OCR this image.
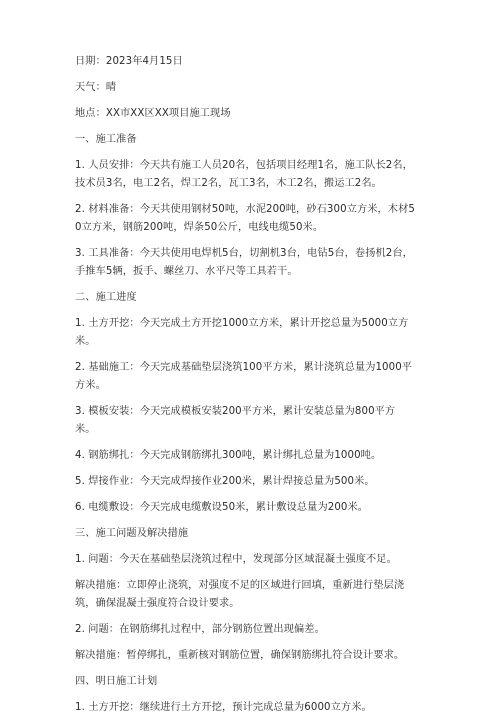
日期：2023年4月15日

天气：晴

地点：XX市XX区XX项目施工现场

一、施工准备

1. 人员安排：今天共有施工人员20名，包括项目经理1名，施工队长2名，技术员3名，电工2名，焊工2名，瓦工3名，木工2名，搬运工2名。

2. 材料准备：今天共使用钢材50吨，水泥200吨，砂石300立方米，木材50立方米，钢筋200吨，焊条50公斤，电线电缆50米。

3. 工具准备：今天共使用电焊机5台，切割机3台，电钻5台，卷扬机2台，手推车5辆，扳手、螺丝刀、水平尺等工具若干。

二、施工进度

1. 土方开挖：今天完成土方开挖1000立方米，累计开挖总量为5000立方米。

2. 基础施工：今天完成基础垫层浇筑100平方米，累计浇筑总量为1000平方米。

3. 模板安装：今天完成模板安装200平方米，累计安装总量为800平方米。

4. 钢筋绑扎：今天完成钢筋绑扎300吨，累计绑扎总量为1000吨。

5. 焊接作业：今天完成焊接作业200米，累计焊接总量为500米。

6. 电缆敷设：今天完成电缆敷设50米，累计敷设总量为200米。

三、施工问题及解决措施

1. 问题：今天在基础垫层浇筑过程中，发现部分区域混凝土强度不足。

解决措施：立即停止浇筑，对强度不足的区域进行回填，重新进行垫层浇筑，确保混凝土强度符合设计要求。

2. 问题：在钢筋绑扎过程中，部分钢筋位置出现偏差。

解决措施：暂停绑扎，重新核对钢筋位置，确保钢筋绑扎符合设计要求。

四、明日施工计划

1. 土方开挖：继续进行土方开挖，预计完成总量为6000立方米。
